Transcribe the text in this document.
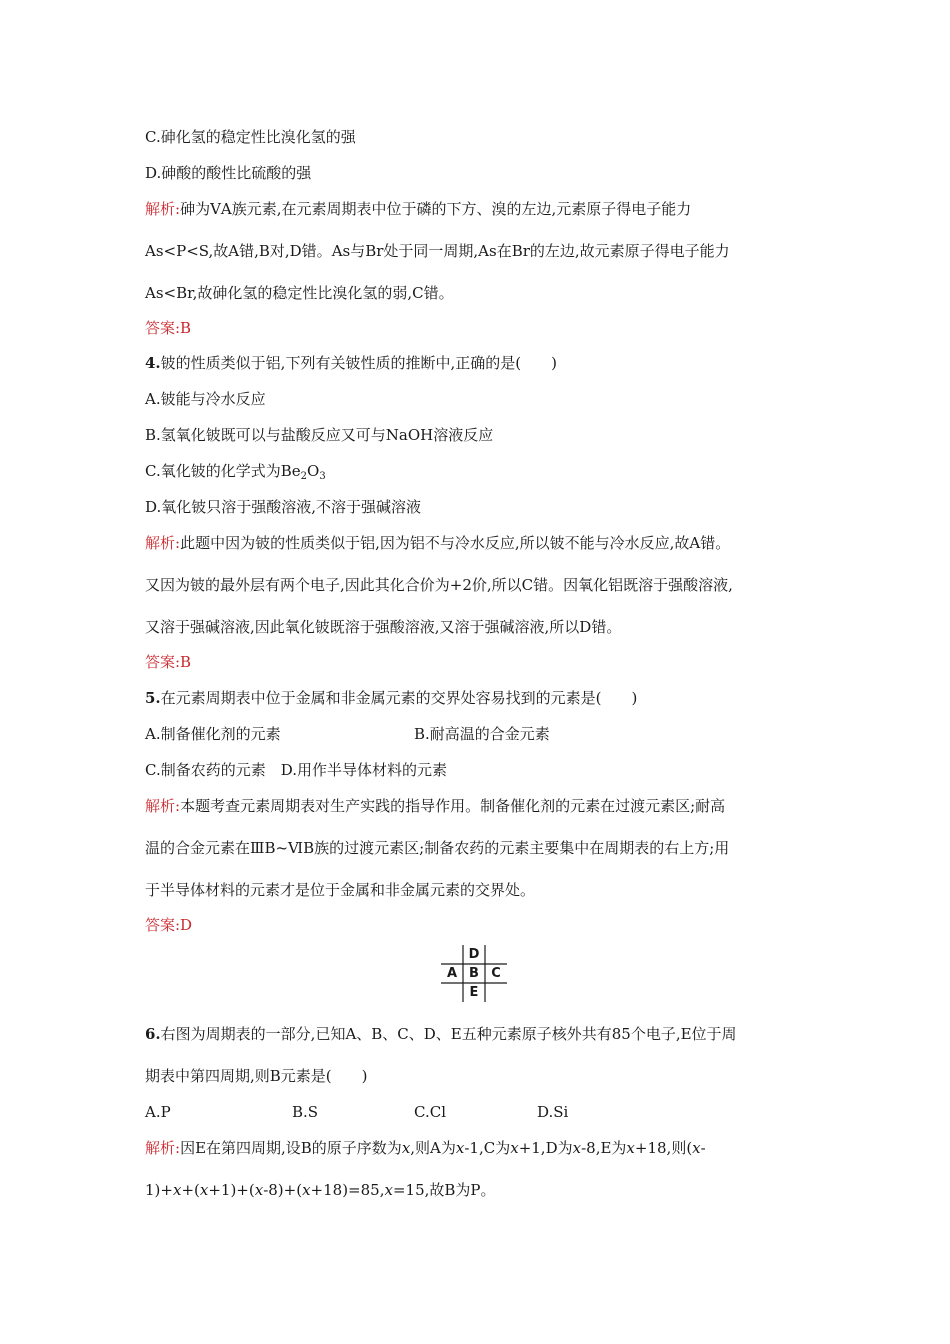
C.砷化氢的稳定性比溴化氢的强
D.砷酸的酸性比硫酸的强
解析:砷为ⅤA族元素,在元素周期表中位于磷的下方、溴的左边,元素原子得电子能力
As<P<S,故A错,B对,D错。As与Br处于同一周期,As在Br的左边,故元素原子得电子能力
As<Br,故砷化氢的稳定性比溴化氢的弱,C错。
答案:B
4.铍的性质类似于铝,下列有关铍性质的推断中,正确的是(　　)
A.铍能与冷水反应
B.氢氧化铍既可以与盐酸反应又可与NaOH溶液反应
C.氧化铍的化学式为$Be_2O_3$
D.氧化铍只溶于强酸溶液,不溶于强碱溶液
解析:此题中因为铍的性质类似于铝,因为铝不与冷水反应,所以铍不能与冷水反应,故A错。
又因为铍的最外层有两个电子,因此其化合价为+2价,所以C错。因氧化铝既溶于强酸溶液,
又溶于强碱溶液,因此氧化铍既溶于强酸溶液,又溶于强碱溶液,所以D错。
答案:B
5.在元素周期表中位于金属和非金属元素的交界处容易找到的元素是(　　)
A.制备催化剂的元素	B.耐高温的合金元素
C.制备农药的元素　D.用作半导体材料的元素
解析:本题考查元素周期表对生产实践的指导作用。制备催化剂的元素在过渡元素区;耐高
温的合金元素在ⅢB~ⅥB族的过渡元素区;制备农药的元素主要集中在周期表的右上方;用
于半导体材料的元素才是位于金属和非金属元素的交界处。
答案:D
D
A B C
E
6.右图为周期表的一部分,已知A、B、C、D、E五种元素原子核外共有85个电子,E位于周
期表中第四周期,则B元素是(　　)
A.P	B.S	C.Cl	D.Si
解析:因E在第四周期,设B的原子序数为x,则A为x-1,C为x+1,D为x-8,E为x+18,则(x-
1)+x+(x+1)+(x-8)+(x+18)=85,x=15,故B为P。
